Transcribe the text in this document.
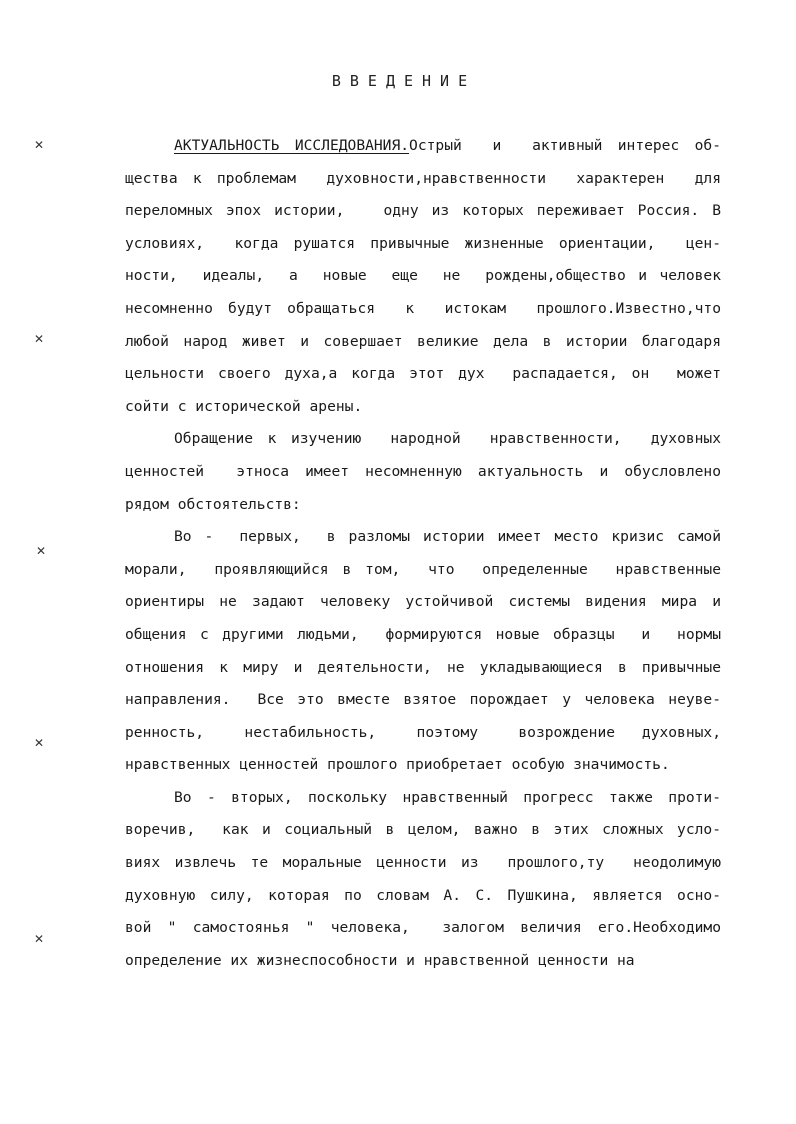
✕
✕
✕
✕
✕
ВВЕДЕНИЕ
АКТУАЛЬНОСТЬ ИССЛЕДОВАНИЯ.Острый  и  активный интерес об-
щества к проблемам  духовности,нравственности  характерен  для
переломных эпох истории,   одну из которых переживает Россия. В
условиях,  когда рушатся привычные жизненные ориентации,  цен-
ности,  идеалы,  а  новые  еще  не  рождены,общество и человек
несомненно будут обращаться  к  истокам  прошлого.Известно,что
любой народ живет и совершает великие дела в истории благодаря
цельности своего духа,а когда этот дух  распадается, он  может
сойти с исторической арены.
Обращение к изучению  народной  нравственности,  духовных
ценностей  этноса имеет несомненную актуальность и обусловлено
рядом обстоятельств:
Во -  первых,  в разломы истории имеет место кризис самой
морали,  проявляющийся в том,  что  определенные  нравственные
ориентиры не задают человеку устойчивой системы видения мира и
общения с другими людьми,  формируются новые образцы  и  нормы
отношения к миру и деятельности, не укладывающиеся в привычные
направления.  Все это вместе взятое порождает у человека неуве-
ренность,   нестабильность,   поэтому   возрождение  духовных,
нравственных ценностей прошлого приобретает особую значимость.
Во - вторых, поскольку нравственный прогресс также проти-
воречив,  как и социальный в целом, важно в этих сложных усло-
виях извлечь те моральные ценности из  прошлого,ту  неодолимую
духовную силу, которая по словам А. С. Пушкина, является осно-
вой " самостоянья " человека,  залогом величия его.Необходимо
определение их жизнеспособности и нравственной ценности на
